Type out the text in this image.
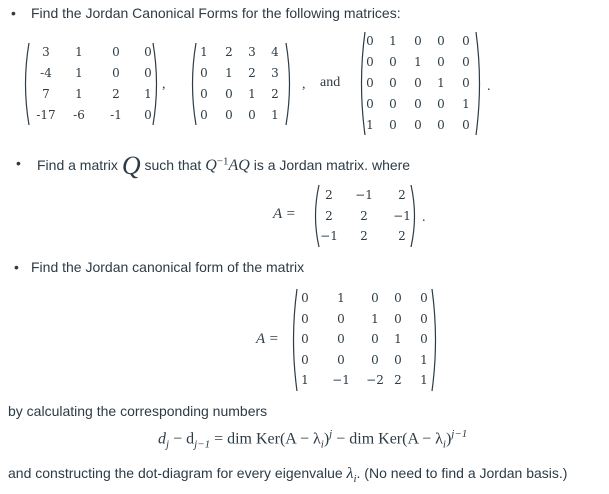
• Find the Jordan Canonical Forms for the following matrices:
3 1 0 0
-4 1 0 0
7 1 2 1
-17 -6 -1 0
,
1 2 3 4
0 1 2 3
0 0 1 2
0 0 0 1
, and
0 1 0 0 0
0 0 1 0 0
0 0 0 1 0
0 0 0 0 1
1 0 0 0 0
.
• Find a matrix Q such that $Q^{-1}AQ$ is a Jordan matrix. where
A =
2 −1 2
2 2 −1
−1 2	2
.
• Find the Jordan canonical form of the matrix
A =
0 1 0 0 0
0 0 1 0 0
0 0 0 1 0
0 0 0 0 1
1 −1 −2 2 1
by calculating the corresponding numbers
$d_j - d_{j-1}$ = dim $Ker(A - \lambda_i)^j$ − dim $Ker(A - \lambda_i)^{j-1}$
and constructing the dot-diagram for every eigenvalue $\lambda_i$. (No need to find a Jordan basis.)
